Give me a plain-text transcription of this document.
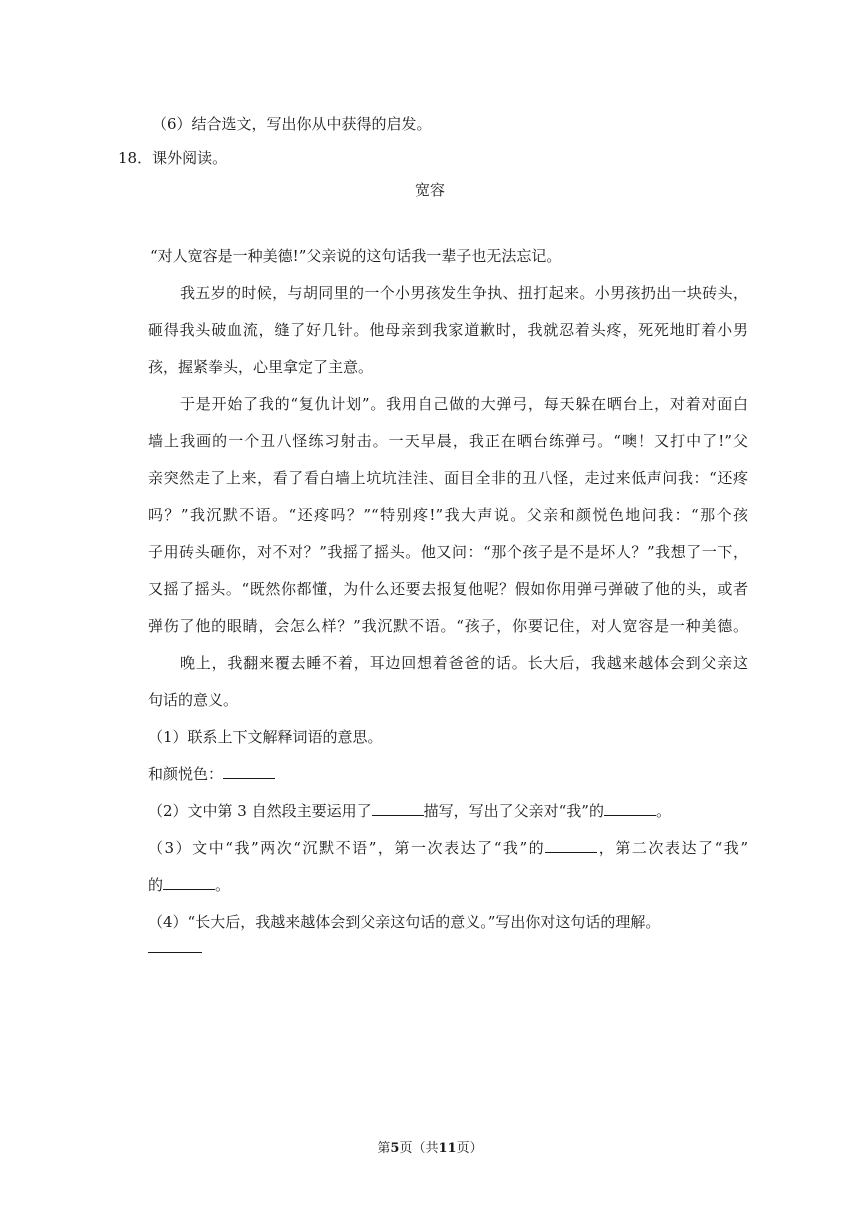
（6）结合选文，写出你从中获得的启发。
18．课外阅读。
宽容
“对人宽容是一种美德!”父亲说的这句话我一辈子也无法忘记。
我五岁的时候，与胡同里的一个小男孩发生争执、扭打起来。小男孩扔出一块砖头，
砸得我头破血流，缝了好几针。他母亲到我家道歉时，我就忍着头疼，死死地盯着小男
孩，握紧拳头，心里拿定了主意。
于是开始了我的“复仇计划”。我用自己做的大弹弓，每天躲在晒台上，对着对面白
墙上我画的一个丑八怪练习射击。一天早晨，我正在晒台练弹弓。“噢！又打中了!”父
亲突然走了上来，看了看白墙上坑坑洼洼、面目全非的丑八怪，走过来低声问我：“还疼
吗？”我沉默不语。“还疼吗？”“特别疼!”我大声说。父亲和颜悦色地问我：“那个孩
子用砖头砸你，对不对？”我摇了摇头。他又问：“那个孩子是不是坏人？”我想了一下，
又摇了摇头。“既然你都懂，为什么还要去报复他呢？假如你用弹弓弹破了他的头，或者
弹伤了他的眼睛，会怎么样？”我沉默不语。“孩子，你要记住，对人宽容是一种美德。
晚上，我翻来覆去睡不着，耳边回想着爸爸的话。长大后，我越来越体会到父亲这
句话的意义。
（1）联系上下文解释词语的意思。
和颜悦色：
（2）文中第 3 自然段主要运用了	描写，写出了父亲对“我”的	。
（3）文中“我”两次“沉默不语”，第一次表达了“我”的	，第二次表达了“我”
的	。
（4）“长大后，我越来越体会到父亲这句话的意义。”写出你对这句话的理解。
第5页（共11页）
